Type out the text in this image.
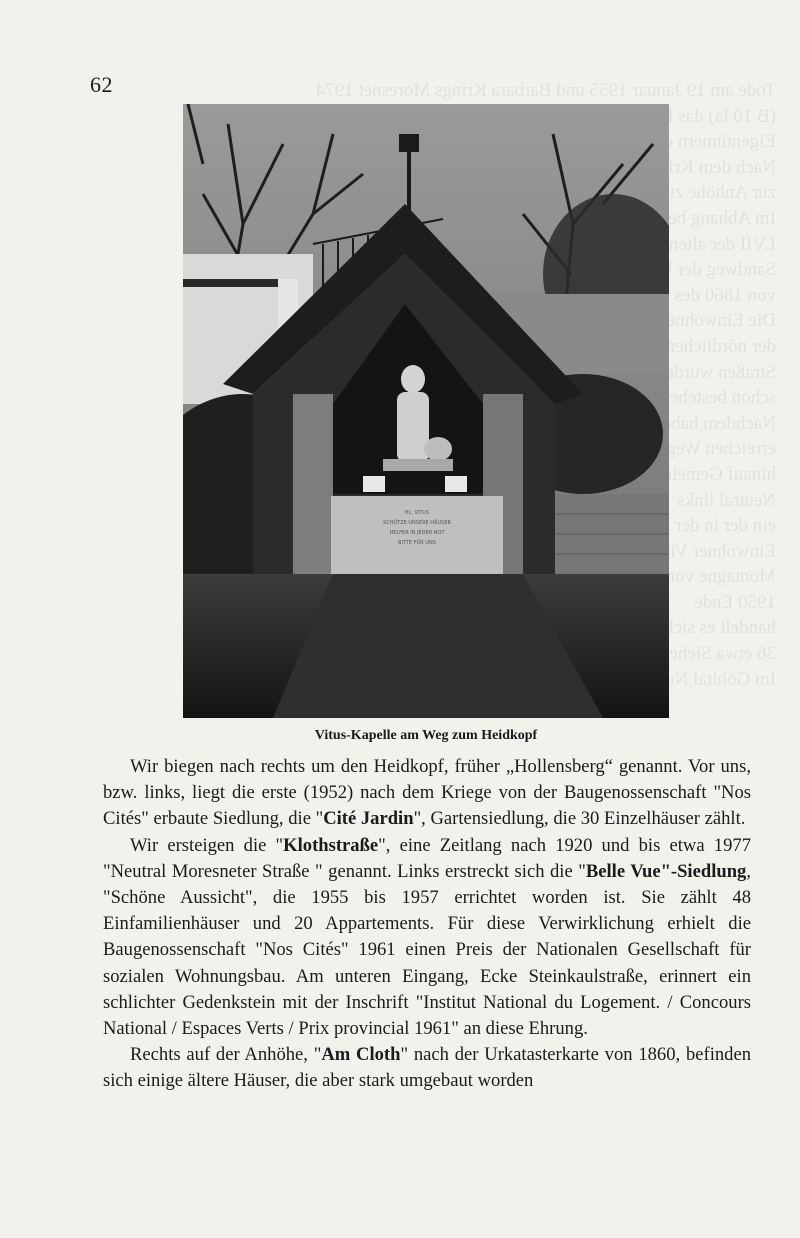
Tode am 19 Januar 1955 und Barbara Krings Moresnet 1974
(B 10 la) das
Eigentümern
Nach dem
zur Anhöhe
Im Abhang
LVII der alten
Sandweg der
von 1860 des
Die Einwohner
der nördlichen
Straßen wurden
schon bestehenden
Nachdem haben
erreichen Weg
hinauf Gemeinden
Neutral links
ein der in der
Einwohner
Montagne von
1950 Ende
handelt es sich
36 etwa Siehe
Im Göhltal Nr
62
HL. VITUS
SCHÜTZE UNSERE HÄUSER
HELFER IN JEDER NOT
BITTE FÜR UNS
Vitus-Kapelle am Weg zum Heidkopf

Wir biegen nach rechts um den Heidkopf, früher „Hollensberg“ genannt. Vor uns, bzw. links, liegt die erste (1952) nach dem Kriege von der Baugenossenschaft "Nos Cités" erbaute Siedlung, die "Cité Jardin", Gartensiedlung, die 30 Einzelhäuser zählt.

Wir ersteigen die "Klothstraße", eine Zeitlang nach 1920 und bis etwa 1977 "Neutral Moresneter Straße " genannt. Links erstreckt sich die "Belle Vue"-Siedlung, "Schöne Aussicht", die 1955 bis 1957 errichtet worden ist. Sie zählt 48 Einfamilienhäuser und 20 Appartements. Für diese Verwirklichung erhielt die Baugenossenschaft "Nos Cités" 1961 einen Preis der Nationalen Gesellschaft für sozialen Wohnungsbau. Am unteren Eingang, Ecke Steinkaulstraße, erinnert ein schlichter Gedenkstein mit der Inschrift "Institut National du Logement. / Concours National / Espaces Verts / Prix provincial 1961" an diese Ehrung.

Rechts auf der Anhöhe, "Am Cloth" nach der Urkatasterkarte von 1860, befinden sich einige ältere Häuser, die aber stark umgebaut worden
